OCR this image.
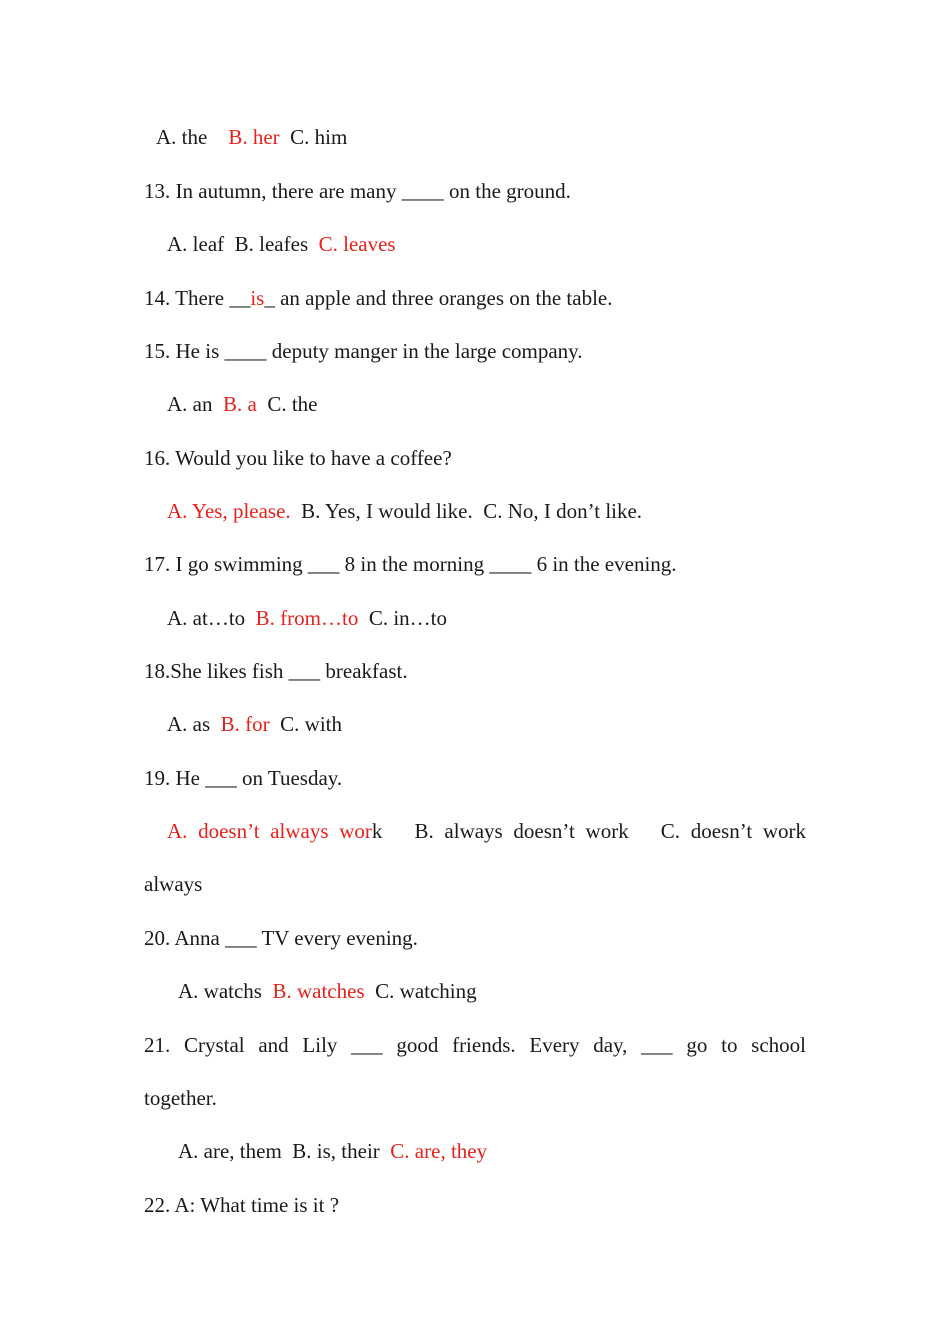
A. the B. her C. him
13. In autumn, there are many ____ on the ground.
A. leaf B. leafes C. leaves
14. There __is_ an apple and three oranges on the table.
15. He is ____ deputy manger in the large company.
A. an B. a C. the
16. Would you like to have a coffee?
A. Yes, please. B. Yes, I would like. C. No, I don’t like.
17. I go swimming ___ 8 in the morning ____ 6 in the evening.
A. at…to B. from…to C. in…to
18.She likes fish ___ breakfast.
A. as B. for C. with
19. He ___ on Tuesday.
A. doesn’t always work B. always doesn’t work C. doesn’t work
always
20. Anna ___ TV every evening.
A. watchs B. watches C. watching
21. Crystal and Lily ___ good friends. Every day, ___ go to school
together.
A. are, them B. is, their C. are, they
22. A: What time is it ?
